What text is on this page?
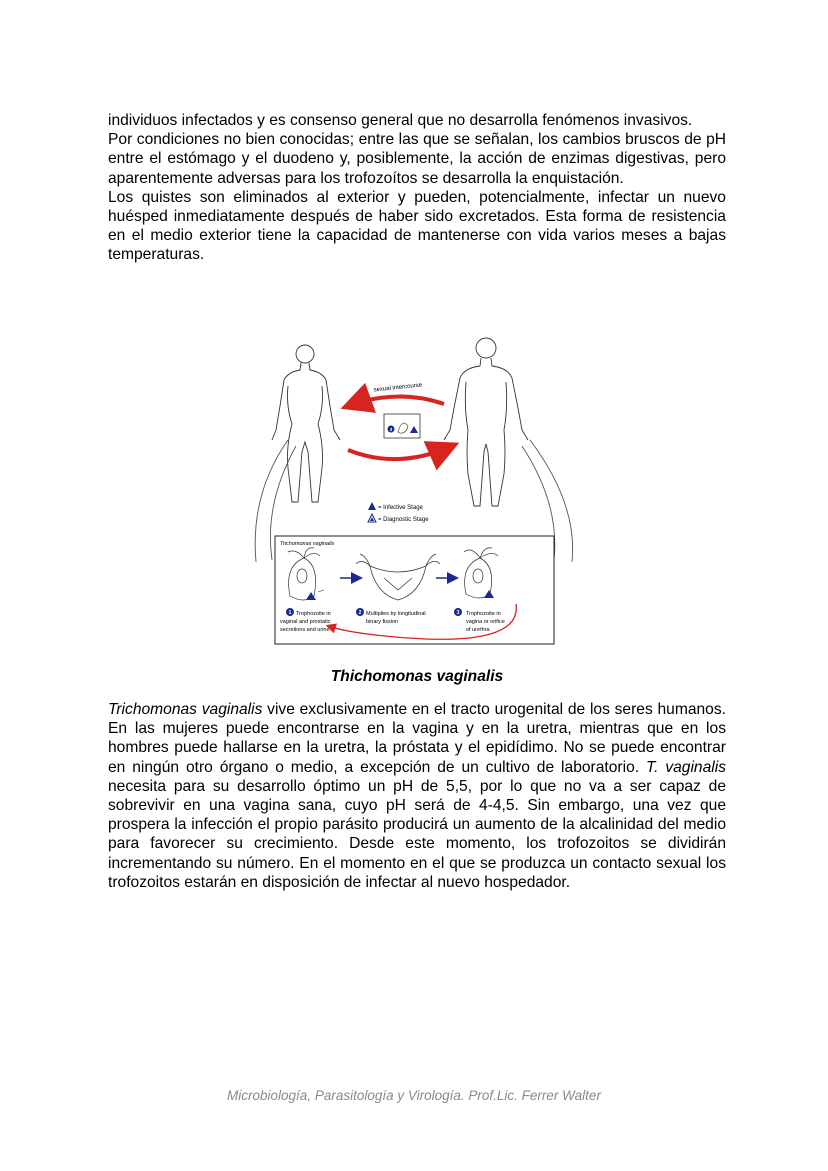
individuos infectados y es consenso general que no desarrolla fenómenos invasivos.

Por condiciones no bien conocidas; entre las que se señalan, los cambios bruscos de pH entre el estómago y el duodeno y, posiblemente, la acción de enzimas digestivas, pero aparentemente adversas para los trofozoítos se desarrolla la enquistación.

Los quistes son eliminados al exterior y pueden, potencialmente, infectar un nuevo huésped inmediatamente después de haber sido excretados. Esta forma de resistencia en el medio exterior tiene la capacidad de mantenerse con vida varios meses a bajas temperaturas.

sexual intercourse
3
= Infective Stage
= Diagnostic Stage
Trichomonas vaginalis
1 Trophozoite in
vaginal and prostatic
secretions and urine
2 Multiplies by longitudinal
binary fission
3 Trophozoite in
vagina or orifice
of urethra
Thichomonas vaginalis

Trichomonas vaginalis vive exclusivamente en el tracto urogenital de los seres humanos. En las mujeres puede encontrarse en la vagina y en la uretra, mientras que en los hombres puede hallarse en la uretra, la próstata y el epidídimo. No se puede encontrar en ningún otro órgano o medio, a excepción de un cultivo de laboratorio. T. vaginalis necesita para su desarrollo óptimo un pH de 5,5, por lo que no va a ser capaz de sobrevivir en una vagina sana, cuyo pH será de 4-4,5. Sin embargo, una vez que prospera la infección el propio parásito producirá un aumento de la alcalinidad del medio para favorecer su crecimiento. Desde este momento, los trofozoitos se dividirán incrementando su número. En el momento en el que se produzca un contacto sexual los trofozoitos estarán en disposición de infectar al nuevo hospedador.

Microbiología, Parasitología y Virología. Prof.Lic. Ferrer Walter
